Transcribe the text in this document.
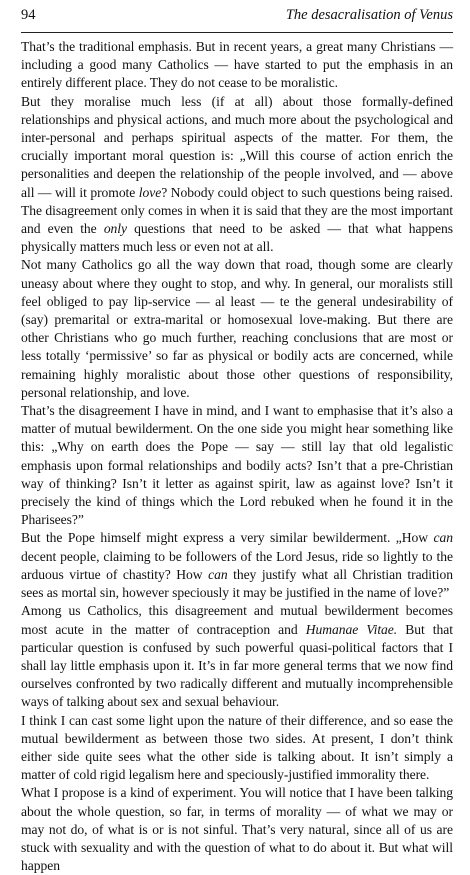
94	The desacralisation of Venus

That’s the traditional emphasis. But in recent years, a great many Christians — including a good many Catholics — have started to put the emphasis in an entirely different place. They do not cease to be moralistic.

But they moralise much less (if at all) about those formally-defined relationships and physical actions, and much more about the psychological and inter-personal and perhaps spiritual aspects of the matter. For them, the crucially important moral question is: „Will this course of action enrich the personalities and deepen the relationship of the people involved, and — above all — will it promote love? Nobody could object to such questions being raised. The disagreement only comes in when it is said that they are the most important and even the only questions that need to be asked — that what happens physically matters much less or even not at all.

Not many Catholics go all the way down that road, though some are clearly uneasy about where they ought to stop, and why. In general, our moralists still feel obliged to pay lip-service — al least — te the general undesirability of (say) premarital or extra-marital or homosexual love-making. But there are other Christians who go much further, reaching conclusions that are most or less totally ‘permissive’ so far as physical or bodily acts are concerned, while remaining highly moralistic about those other questions of responsibility, personal relationship, and love.

That’s the disagreement I have in mind, and I want to emphasise that it’s also a matter of mutual bewilderment. On the one side you might hear something like this: „Why on earth does the Pope — say — still lay that old legalistic emphasis upon formal relationships and bodily acts? Isn’t that a pre-Christian way of thinking? Isn’t it letter as against spirit, law as against love? Isn’t it precisely the kind of things which the Lord rebuked when he found it in the Pharisees?”

But the Pope himself might express a very similar bewilderment. „How can decent people, claiming to be followers of the Lord Jesus, ride so lightly to the arduous virtue of chastity? How can they justify what all Christian tradition sees as mortal sin, however speciously it may be justified in the name of love?”

Among us Catholics, this disagreement and mutual bewilderment becomes most acute in the matter of contraception and Humanae Vitae. But that particular question is confused by such powerful quasi-political factors that I shall lay little emphasis upon it. It’s in far more general terms that we now find ourselves confronted by two radically different and mutually incomprehensible ways of talking about sex and sexual behaviour.

I think I can cast some light upon the nature of their difference, and so ease the mutual bewilderment as between those two sides. At present, I don’t think either side quite sees what the other side is talking about. It isn’t simply a matter of cold rigid legalism here and speciously-justified immorality there.

What I propose is a kind of experiment. You will notice that I have been talking about the whole question, so far, in terms of morality — of what we may or may not do, of what is or is not sinful. That’s very natural, since all of us are stuck with sexuality and with the question of what to do about it. But what will happen
